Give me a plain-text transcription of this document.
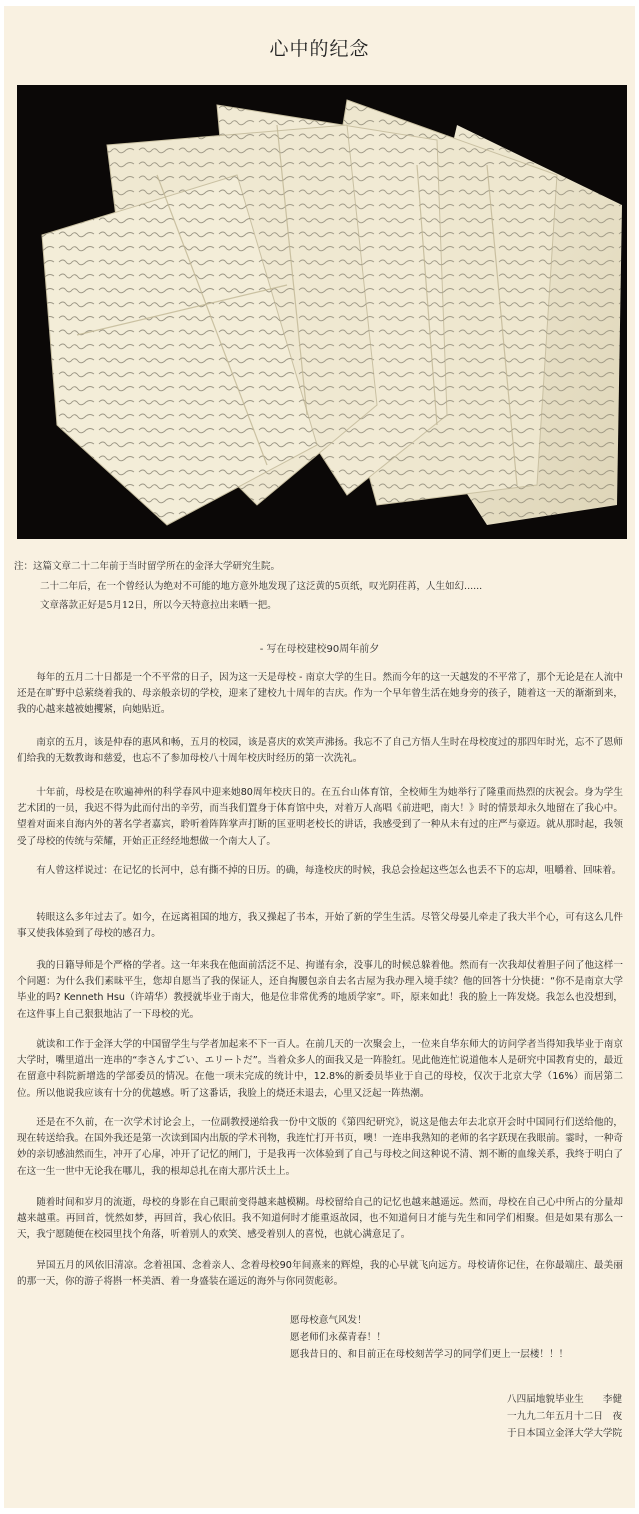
心中的纪念
注：这篇文章二十二年前于当时留学所在的金泽大学研究生院。
二十二年后，在一个曾经认为绝对不可能的地方意外地发现了这泛黄的5页纸，叹光阴荏苒，人生如幻......
文章落款正好是5月12日，所以今天特意拉出来晒一把。
- 写在母校建校90周年前夕

每年的五月二十日都是一个不平常的日子，因为这一天是母校 - 南京大学的生日。然而今年的这一天越发的不平常了，那个无论是在人流中还是在旷野中总萦绕着我的、母亲般亲切的学校，迎来了建校九十周年的吉庆。作为一个早年曾生活在她身旁的孩子，随着这一天的渐渐到来，我的心越来越被她攫紧，向她贴近。

南京的五月，该是仲春的惠风和畅，五月的校园，该是喜庆的欢笑声沸扬。我忘不了自己方悟人生时在母校度过的那四年时光，忘不了恩师们给我的无数教诲和慈爱，也忘不了参加母校八十周年校庆时经历的第一次洗礼。

十年前，母校是在吹遍神州的科学春风中迎来她80周年校庆日的。在五台山体育馆，全校师生为她举行了隆重而热烈的庆祝会。身为学生艺术团的一员，我迟不得为此而付出的辛劳，而当我们置身于体育馆中央，对着万人高唱《前进吧，南大！》时的情景却永久地留在了我心中。望着对面来自海内外的著名学者嘉宾，聆听着阵阵掌声打断的匡亚明老校长的讲话，我感受到了一种从未有过的庄严与豪迈。就从那时起，我领受了母校的传统与荣耀，开始正正经经地想做一个南大人了。

有人曾这样说过：在记忆的长河中，总有撕不掉的日历。的确，每逢校庆的时候，我总会捡起这些怎么也丢不下的忘却，咀嚼着、回味着。

转眼这么多年过去了。如今，在远离祖国的地方，我又操起了书本，开始了新的学生生活。尽管父母晏儿牵走了我大半个心，可有这么几件事又使我体验到了母校的感召力。

我的日籍导师是个严格的学者。这一年来我在他面前活泛不足、拘谨有余，没事儿的时候总躲着他。然而有一次我却仗着胆子问了他这样一个问题：为什么我们素昧平生，您却自愿当了我的保证人，还自掏腰包亲自去名古屋为我办理入境手续？他的回答十分快捷：“你不是南京大学毕业的吗? Kenneth Hsu（许靖华）教授就毕业于南大，他是位非常优秀的地质学家”。吓，原来如此！我的脸上一阵发烧。我怎么也没想到，在这件事上自己狠狠地沾了一下母校的光。

就读和工作于金泽大学的中国留学生与学者加起来不下一百人。在前几天的一次聚会上，一位来自华东师大的访问学者当得知我毕业于南京大学时，嘴里道出一连串的“李さんすごい、エリートだ”。当着众多人的面我又是一阵脸红。见此他连忙说道他本人是研究中国教育史的，最近在留意中科院新增选的学部委员的情况。在他一项未完成的统计中，12.8%的新委员毕业于自己的母校，仅次于北京大学（16%）而居第二位。所以他说我应该有十分的优越感。听了这番话，我脸上的烧还未退去，心里又泛起一阵热潮。

还是在不久前，在一次学术讨论会上，一位副教授递给我一份中文版的《第四纪研究》，说这是他去年去北京开会时中国同行们送给他的，现在转送给我。在国外我还是第一次读到国内出版的学术刊物，我连忙打开书页，噢！一连串我熟知的老师的名字跃现在我眼前。霎时，一种奇妙的亲切感油然而生，冲开了心扉，冲开了记忆的闸门，于是我再一次体验到了自己与母校之间这种说不清、割不断的血缘关系，我终于明白了在这一生一世中无论我在哪儿，我的根却总扎在南大那片沃土上。

随着时间和岁月的流逝，母校的身影在自己眼前变得越来越模糊。母校留给自己的记忆也越来越遥远。然而，母校在自己心中所占的分量却越来越重。再回首，恍然如梦，再回首，我心依旧。我不知道何时才能重返故园，也不知道何日才能与先生和同学们相聚。但是如果有那么一天，我宁愿随便在校园里找个角落，听着别人的欢笑、感受着别人的喜悦，也就心满意足了。

异国五月的风依旧清凉。念着祖国、念着亲人、念着母校90年间熹来的辉煌，我的心早就飞向远方。母校请你记住，在你最端庄、最美丽的那一天，你的游子将斟一杯美酒、着一身盛装在遥远的海外与你同贺彪彰。

愿母校意气风发！
愿老师们永葆青春！！
愿我昔日的、和目前正在母校刻苦学习的同学们更上一层楼！！！
八四届地貌毕业生　　李健
一九九二年五月十二日　夜
于日本国立金泽大学大学院
